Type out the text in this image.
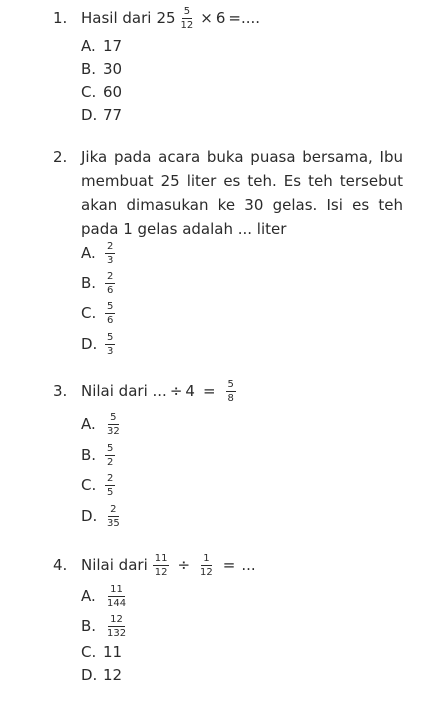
1. Hasil dari $25 \frac{5}{12} \times 6$ =....
A. 17
B. 30
C. 60
D. 77
2. Jika pada acara buka puasa bersama, Ibu
membuat 25 liter es teh. Es teh tersebut
akan dimasukan ke 30 gelas. Isi es teh
pada 1 gelas adalah ... liter
A. $\frac{2}{3}$
B. $\frac{2}{6}$
C. $\frac{5}{6}$
D. $\frac{5}{3}$
3. Nilai dari ... ÷ $4 = \frac{5}{8}$
A. $\frac{5}{32}$
B. $\frac{5}{2}$
C. $\frac{2}{5}$
D. $\frac{2}{35}$
4. Nilai dari $\frac{11}{12} \div \frac{1}{12}$ = ...
A. $\frac{11}{144}$
B. $\frac{12}{132}$
C. 11
D. 12
